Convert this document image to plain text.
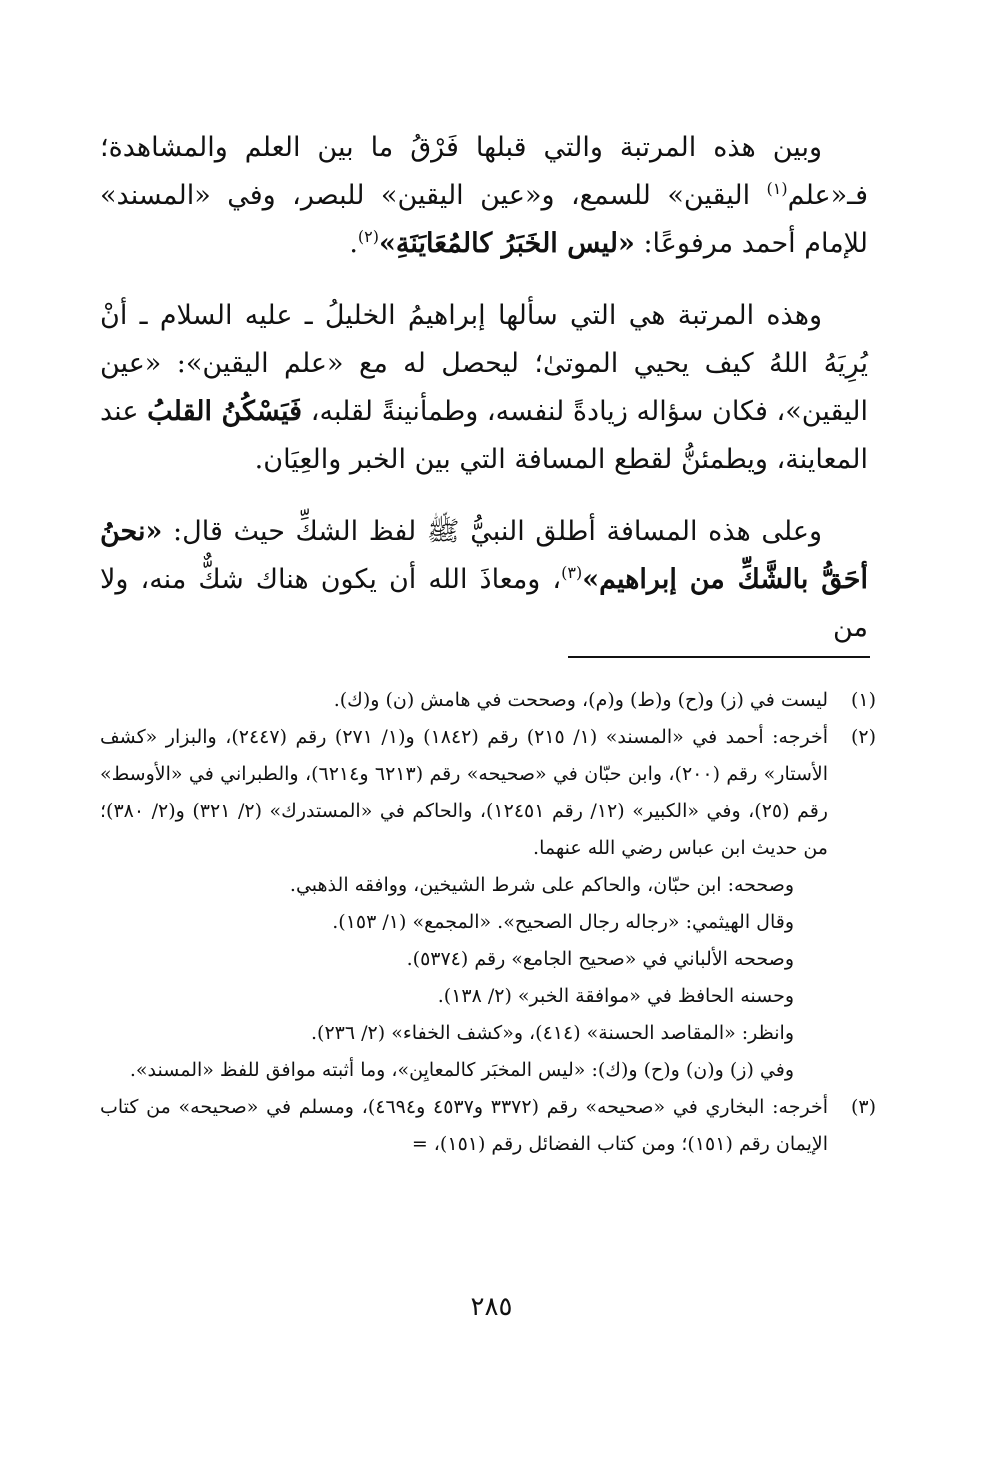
وبين هذه المرتبة والتي قبلها فَرْقُ ما بين العلم والمشاهدة؛ فـ«علم$^{(١)}$ اليقين» للسمع، و«عين اليقين» للبصر، وفي «المسند» للإمام أحمد مرفوعًا: «ليس الخَبَرُ كالمُعَايَنَةِ»$^{(٢)}$.

وهذه المرتبة هي التي سألها إبراهيمُ الخليلُ ـ عليه السلام ـ أنْ يُرِيَهُ اللهُ كيف يحيي الموتىٰ؛ ليحصل له مع «علم اليقين»: «عين اليقين»، فكان سؤاله زيادةً لنفسه، وطمأنينةً لقلبه، فَيَسْكُنُ القلبُ عند المعاينة، ويطمئنُّ لقطع المسافة التي بين الخبر والعِيَان.

وعلى هذه المسافة أطلق النبيُّ ﷺ لفظ الشكِّ حيث قال: «نحنُ أحَقُّ بالشَّكِّ من إبراهيم»$^{(٣)}$، ومعاذَ الله أن يكون هناك شكٌّ منه، ولا من

(١)
ليست في (ز) و(ح) و(ط) و(م)، وصححت في هامش (ن) و(ك).
(٢)
أخرجه: أحمد في «المسند» (١/ ٢١٥) رقم (١٨٤٢) و(١/ ٢٧١) رقم (٢٤٤٧)، والبزار «كشف الأستار» رقم (٢٠٠)، وابن حبّان في «صحيحه» رقم (٦٢١٣ و٦٢١٤)، والطبراني في «الأوسط» رقم (٢٥)، وفي «الكبير» (١٢/ رقم ١٢٤٥١)، والحاكم في «المستدرك» (٢/ ٣٢١) و(٢/ ٣٨٠)؛ من حديث ابن عباس رضي الله عنهما.
وصححه: ابن حبّان، والحاكم على شرط الشيخين، ووافقه الذهبي.
وقال الهيثمي: «رجاله رجال الصحيح». «المجمع» (١/ ١٥٣).
وصححه الألباني في «صحيح الجامع» رقم (٥٣٧٤).
وحسنه الحافظ في «موافقة الخبر» (٢/ ١٣٨).
وانظر: «المقاصد الحسنة» (٤١٤)، و«كشف الخفاء» (٢/ ٢٣٦).
وفي (ز) و(ن) و(ح) و(ك): «ليس المخبَر كالمعايِن»، وما أثبته موافق للفظ «المسند».
(٣)
أخرجه: البخاري في «صحيحه» رقم (٣٣٧٢ و٤٥٣٧ و٤٦٩٤)، ومسلم في «صحيحه» من كتاب الإيمان رقم (١٥١)؛ ومن كتاب الفضائل رقم (١٥١)، =
٢٨٥
